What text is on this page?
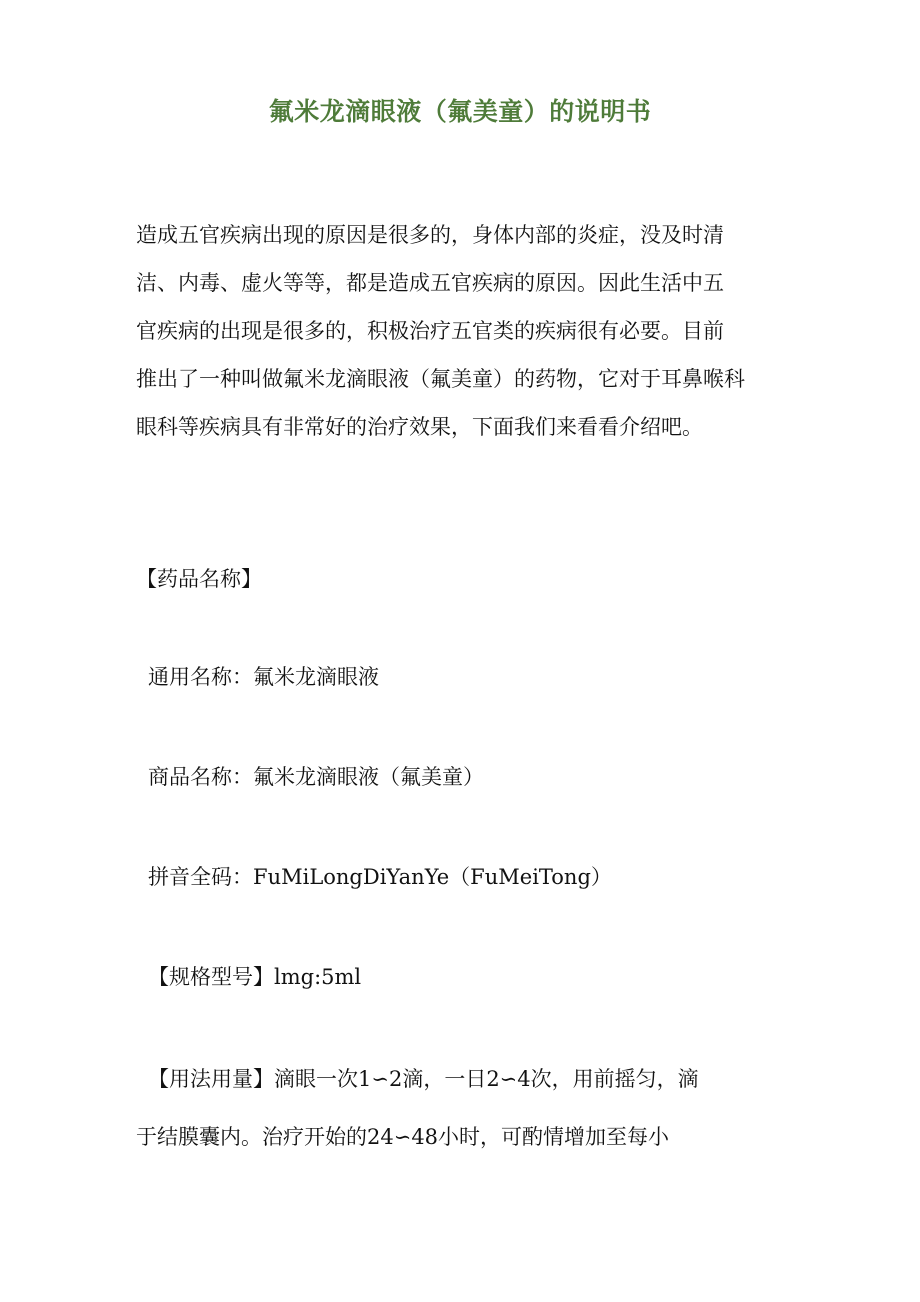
氟米龙滴眼液（氟美童）的说明书
造成五官疾病出现的原因是很多的，身体内部的炎症，没及时清
洁、内毒、虚火等等，都是造成五官疾病的原因。因此生活中五
官疾病的出现是很多的，积极治疗五官类的疾病很有必要。目前
推出了一种叫做氟米龙滴眼液（氟美童）的药物，它对于耳鼻喉科
眼科等疾病具有非常好的治疗效果，下面我们来看看介绍吧。
【药品名称】
通用名称：氟米龙滴眼液
商品名称：氟米龙滴眼液（氟美童）
拼音全码：FuMiLongDiYanYe（FuMeiTong）
【规格型号】lmg:5ml
【用法用量】滴眼一次1∽2滴，一日2∽4次，用前摇匀，滴
于结膜囊内。治疗开始的24∽48小时，可酌情增加至每小
